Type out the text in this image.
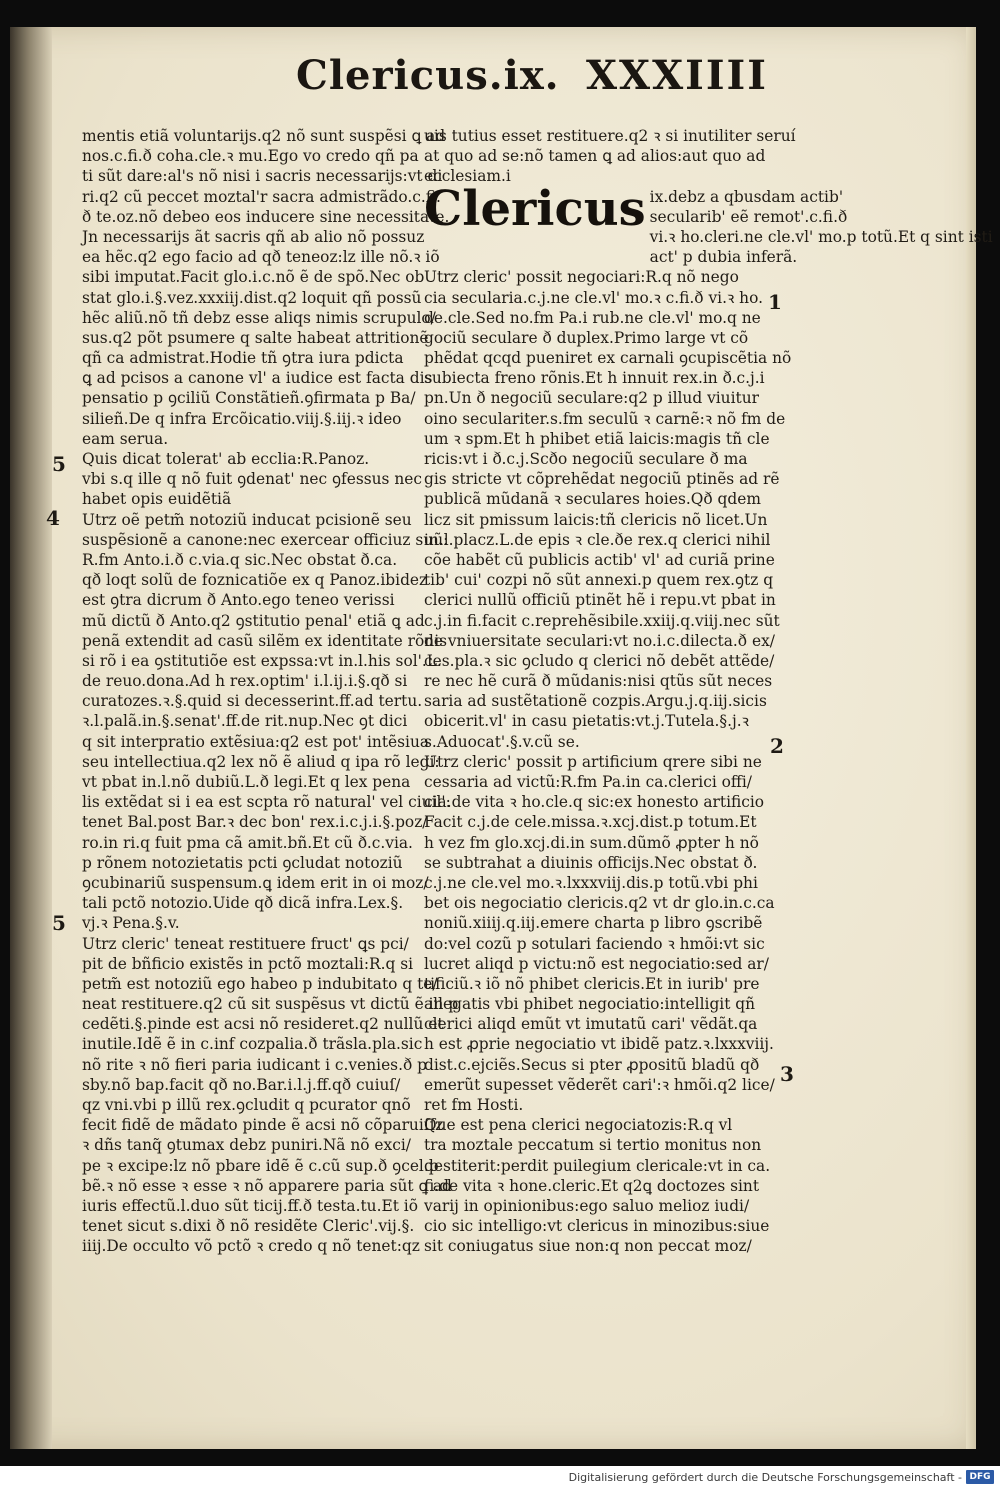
Clericus.ix. XXXIIII
mentis etiã voluntarijs.q2 nõ sunt suspẽsi ꝗ ad
nos.c.fi.ð coha.cle.ꝛ mu.Ego vo credo qñ pa
ti sũt dare:al's nõ nisi i sacris necessarijs:vt di
ri.q2 cũ peccet moztal'r sacra admistrãdo.c.fi.
ð te.oz.nõ debeo eos inducere sine necessitate.
Jn necessarijs ãt sacris qñ ab alio nõ possuz
ea hẽc.q2 ego facio ad qð teneoz:lz ille nõ.ꝛ iõ
sibi imputat.Facit glo.i.c.nõ ẽ de spõ.Nec ob
stat glo.i.§.vez.xxxiij.dist.q2 loquit qñ possũ
hẽc aliũ.nõ tñ debz esse aliqs nimis scrupulo/
sus.q2 põt psumere q salte habeat attritionẽ
qñ ca admistrat.Hodie tñ ꝯtra iura pdicta
ꝗ ad pcisos a canone vl' a iudice est facta dis
pensatio p ꝯciliũ Constãtieñ.ꝯfirmata p Ba/
silieñ.De q infra Ercõicatio.viij.§.iij.ꝛ ideo
eam serua.
Quis dicat tolerat' ab ecclia:R.Panoz.
vbi s.q ille q nõ fuit ꝯdenat' nec ꝯfessus nec
habet opis euidẽtiã
Utrz oẽ petm̃ notoziũ inducat pcisionẽ seu
suspẽsionẽ a canone:nec exercear officiuz suũ:
R.fm Anto.i.ð c.via.q sic.Nec obstat ð.ca.
qð loqt solũ de foznicatiõe ex q Panoz.ibidez
est ꝯtra dicrum ð Anto.ego teneo verissi
mũ dictũ ð Anto.q2 ꝯstitutio penal' etiã ꝗ ad
penã extendit ad casũ silẽm ex identitate rõnis
si rõ i ea ꝯstitutiõe est expssa:vt in.l.his sol'.L.
de reuo.dona.Ad h rex.optim' i.l.ij.i.§.qð si
curatozes.ꝛ.§.quid si decesserint.ff.ad tertu.
ꝛ.l.palã.in.§.senat'.ff.de rit.nup.Nec ꝯt dici
q sit interpratio extẽsiua:q2 est pot' intẽsiua
seu intellectiua.q2 lex nõ ẽ aliud q ipa rõ legi:
vt pbat in.l.nõ dubiũ.L.ð legi.Et q lex pena
lis extẽdat si i ea est scpta rõ natural' vel ciuil':
tenet Bal.post Bar.ꝛ dec bon' rex.i.c.j.i.§.poz/
ro.in ri.q fuit pma cã amit.bñ.Et cũ ð.c.via.
p rõnem notozietatis pcti ꝯcludat notoziũ
ꝯcubinariũ suspensum.ꝗ idem erit in oi moz/
tali pctõ notozio.Uide qð dicã infra.Lex.§.
vj.ꝛ Pena.§.v.
Utrz cleric' teneat restituere fruct' ꝗs pci/
pit de bñficio existẽs in pctõ moztali:R.q si
petm̃ est notoziũ ego habeo p indubitato q te/
neat restituere.q2 cũ sit suspẽsus vt dictũ ẽ in p
cedẽti.§.pinde est acsi nõ resideret.q2 nullũ et
inutile.Idẽ ẽ in c.inf cozpalia.ð trãsla.pla.sic
nõ rite ꝛ nõ fieri paria iudicant i c.venies.ð p
sby.nõ bap.facit qð no.Bar.i.l.j.ff.qð cuiuſ/
qz vni.vbi p illũ rex.ꝯcludit q pcurator qnõ
fecit fidẽ de mãdato pinde ẽ acsi nõ cõparuiſſz
ꝛ dñs tanq̃ ꝯtumax debz puniri.Nã nõ exci/
pe ꝛ excipe:lz nõ pbare idẽ ẽ c.cũ sup.ð ꝯcel.p
bẽ.ꝛ nõ esse ꝛ esse ꝛ nõ apparere paria sũt ꝗ ad
iuris effectũ.l.duo sũt ticij.ff.ð testa.tu.Et iõ
tenet sicut s.dixi ð nõ residẽte Cleric'.vij.§.
iiij.De occulto võ pctõ ꝛ credo q nõ tenet:qz
uis tutius esset restituere.q2 ꝛ si inutiliter seruí
at quo ad se:nõ tamen ꝗ ad alios:aut quo ad
ecclesiam.i
Clericus ix.debz a qbusdam actib'
secularib' eẽ remot'.c.fi.ð
vi.ꝛ ho.cleri.ne cle.vl' mo.p totũ.Et q sint isti
act' p dubia inferã.
Utrz cleric' possit negociari:R.q nõ nego
cia secularia.c.j.ne cle.vl' mo.ꝛ c.fi.ð vi.ꝛ ho.
de.cle.Sed no.fm Pa.i rub.ne cle.vl' mo.q ne
gociũ seculare ð duplex.Primo large vt cõ
phẽdat qcqd pueniret ex carnali ꝯcupiscẽtia nõ
subiecta freno rõnis.Et h innuit rex.in ð.c.j.i
pn.Un ð negociũ seculare:q2 p illud viuitur
oino seculariter.s.fm seculũ ꝛ carnẽ:ꝛ nõ fm de
um ꝛ spm.Et h phibet etiã laicis:magis tñ cle
ricis:vt i ð.c.j.Scðo negociũ seculare ð ma
gis stricte vt cõprehẽdat negociũ ptinẽs ad rẽ
publicã mũdanã ꝛ seculares hoies.Qð qdem
licz sit pmissum laicis:tñ clericis nõ licet.Un
in.l.placz.L.de epis ꝛ cle.ðe rex.q clerici nihil
cõe habẽt cũ publicis actib' vl' ad curiã prine
tib' cui' cozpi nõ sũt annexi.p quem rex.ꝯtz q
clerici nullũ officiũ ptinẽt hẽ i repu.vt pbat in
c.j.in fi.facit c.reprehẽsibile.xxiij.q.viij.nec sũt
de vniuersitate seculari:vt no.i.c.dilecta.ð ex/
ces.pla.ꝛ sic ꝯcludo q clerici nõ debẽt attẽde/
re nec hẽ curã ð mũdanis:nisi qtũs sũt neces
saria ad sustẽtationẽ cozpis.Argu.j.q.iij.sicis
obicerit.vl' in casu pietatis:vt.j.Tutela.§.j.ꝛ
s.Aduocat'.§.v.cũ se.
Utrz cleric' possit p artificium qrere sibi ne
cessaria ad victũ:R.fm Pa.in ca.clerici offi/
cia.de vita ꝛ ho.cle.q sic:ex honesto artificio
Facit c.j.de cele.missa.ꝛ.xcj.dist.p totum.Et
h vez fm glo.xcj.di.in sum.dũmõ ꝓpter h nõ
se subtrahat a diuinis officijs.Nec obstat ð.
c.j.ne cle.vel mo.ꝛ.lxxxviij.dis.p totũ.vbi phi
bet ois negociatio clericis.q2 vt dr glo.in.c.ca
noniũ.xiiij.q.iij.emere charta p libro ꝯscribẽ
do:vel cozũ p sotulari faciendo ꝛ hmõi:vt sic
lucret aliqd p victu:nõ est negociatio:sed ar/
tificiũ.ꝛ iõ nõ phibet clericis.Et in iurib' pre
allegatis vbi phibet negociatio:intelligit qñ
clerici aliqd emũt vt imutatũ cari' vẽdãt.qa
h est ꝓprie negociatio vt ibidẽ patz.ꝛ.lxxxviij.
dist.c.ejciẽs.Secus si pter ꝓpositũ bladũ qð
emerũt supesset vẽderẽt cari':ꝛ hmõi.q2 lice/
ret fm Hosti.
Que est pena clerici negociatozis:R.q vl
tra moztale peccatum si tertio monitus non
destiterit:perdit puilegium clericale:vt in ca.
fi.de vita ꝛ hone.cleric.Et q2ꝗ doctozes sint
varij in opinionibus:ego saluo melioz iudi/
cio sic intelligo:vt clericus in minozibus:siue
sit coniugatus siue non:q non peccat moz/
5
4
5
1
2
3
Digitalisierung gefördert durch die Deutsche Forschungsgemeinschaft - DFG
